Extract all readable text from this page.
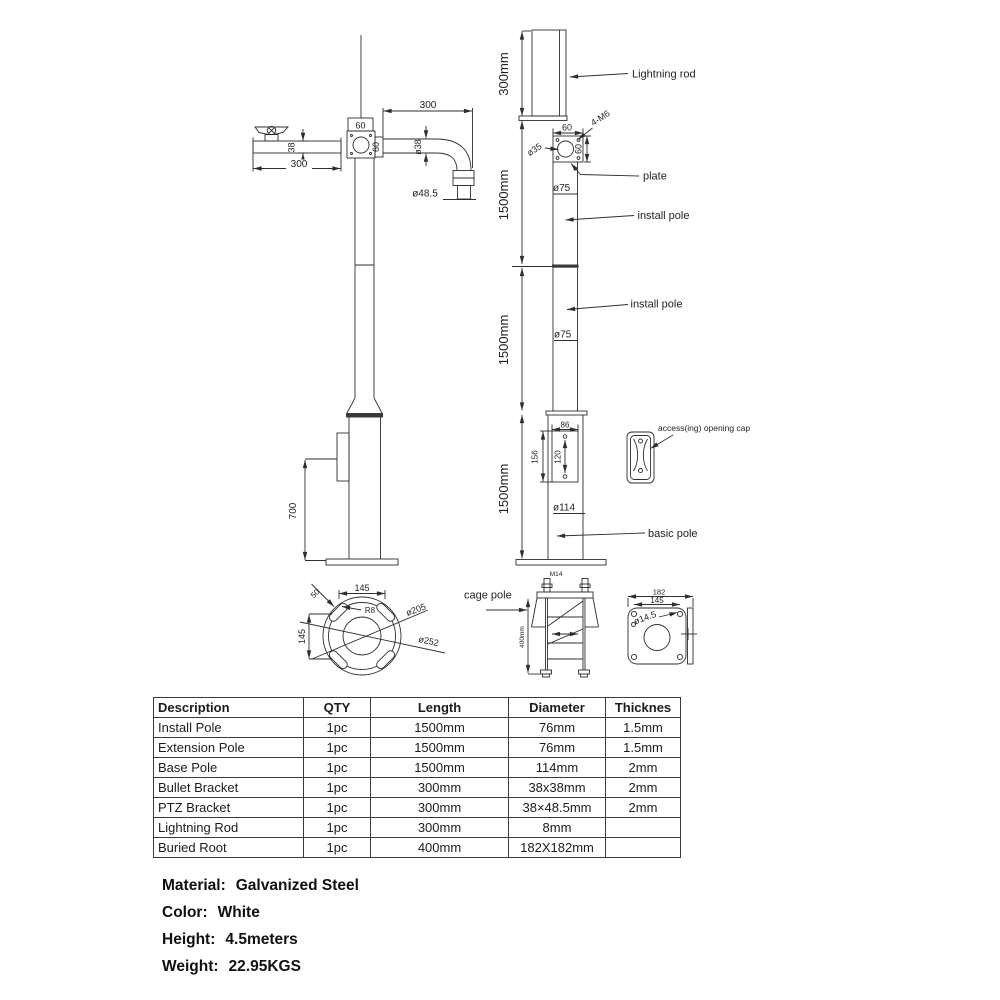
38
300
300
ø38
ø48.5
700
60
60
300mm	Lightning rod
60
60
4-M6
ø35
plate
ø75
install pole
1500mm
1500mm
install pole
ø75
86
156 120
ø114
basic pole
1500mm
access(ing) opening cap
145
50
R8	ø205
ø252
145
cage pole
M14
400mm
182
145
ø14.5
Description	QTY	Length	Diameter	Thicknes
Install Pole	1pc	1500mm	76mm	1.5mm
Extension Pole	1pc	1500mm	76mm	1.5mm
Base Pole	1pc	1500mm	114mm	2mm
Bullet Bracket	1pc	300mm	38x38mm	2mm
PTZ Bracket	1pc	300mm	38×48.5mm	2mm
Lightning Rod	1pc	300mm	8mm	
Buried Root	1pc	400mm	182X182mm	
Material: Galvanized Steel
Color: White
Height: 4.5meters
Weight: 22.95KGS
